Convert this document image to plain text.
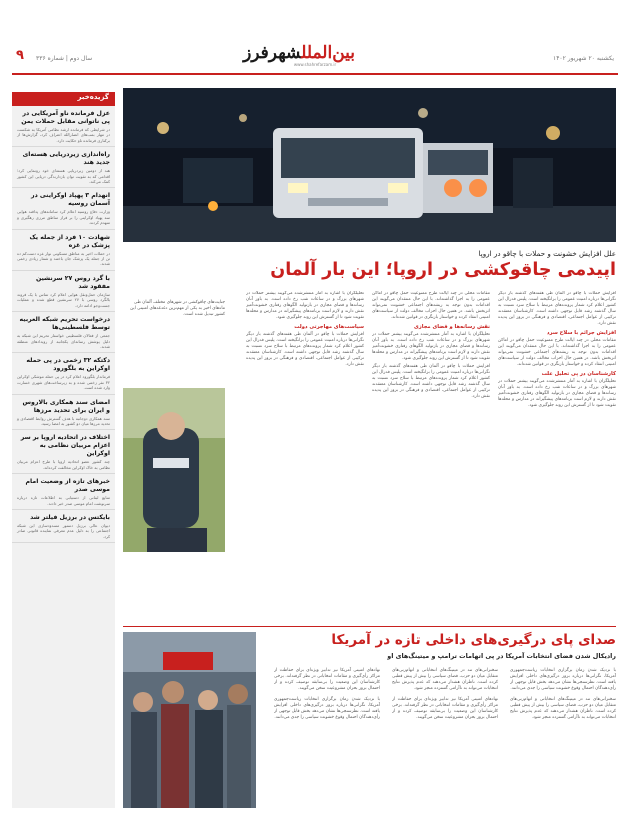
یکشنبه ۲۰ شهریور ۱۴۰۲
سال دوم | شماره ۳۳۶
۹	بین‌المللشهرفرز
www.shahrefarzam.ir
گزیده‌خبر
عزل فرمانده ناو آمریکایی در پی ناتوانی مقابل حملات یمن
در شرایطی که فرمانده ارشد نظامی آمریکا به شکست در مهار بمب‌های انصارالله اعتراف کرد، گزارش‌ها از برکناری فرمانده ناو حکایت دارد.
راه‌اندازی زیردریایی هسته‌ای جدید هند
هند از دومین زیردریایی هسته‌ای خود رونمایی کرد؛ اقدامی که به تقویت توان بازدارندگی دریایی این کشور کمک می‌کند.
انهدام ۳ پهپاد اوکراینی در آسمان روسیه
وزارت دفاع روسیه اعلام کرد سامانه‌های پدافند هوایی سه پهپاد اوکراینی را بر فراز مناطق مرزی رهگیری و منهدم کردند.
شهادت ۱۰ فرد از جمله یک پزشک در غزه
در حملات اخیر به مناطق مسکونی نوار غزه دست‌کم ده تن از جمله یک پزشک جان باختند و شمار زیادی زخمی شدند.
با گرد روس ۲۷ سرنشین مفقود شد
سازمان حمل‌ونقل هوایی اعلام کرد تماس با یک فروند بالگرد روسی با ۲۷ سرنشین قطع شده و عملیات جست‌وجو ادامه دارد.
درخواست تحریم شبکه العربیه توسط فلسطینی‌ها
جمعی از فعالان فلسطینی خواستار تحریم این شبکه به دلیل پوشش رسانه‌ای یکجانبه از رویدادهای منطقه شدند.
دکتکه ۳۲ زخمی در پی حمله اوکراین به بلگورود
فرماندار بلگورود اعلام کرد در پی حمله موشکی اوکراین ۳۲ نفر زخمی شده و به زیرساخت‌های شهری خسارت وارد شده است.
امضای سند همکاری بالاروس و ایران برای تحدید مرزها
سند همکاری دوجانبه با هدف گسترش روابط اقتصادی و تحدید مرزها میان دو کشور به امضا رسید.
اختلاف در اتحادیه اروپا بر سر اعزام مربیان نظامی به اوکراین
چند کشور عضو اتحادیه اروپا با طرح اعزام مربیان نظامی به خاک اوکراین مخالفت کرده‌اند.
خبرهای تازه از وضعیت امام موسی صدر
منابع لبنانی از دستیابی به اطلاعات تازه درباره سرنوشت امام موسی صدر خبر دادند.
بایکتس در برزیل فیلتر شد
دیوان عالی برزیل دستور مسدودسازی این شبکه اجتماعی را به دلیل عدم معرفی نماینده قانونی صادر کرد.
علل افزایش خشونت و حملات با چاقو در اروپا
اپیدمی چاقوکشی در اروپا؛ این بار آلمان

افزایش حملات با چاقو در آلمان طی هفته‌های گذشته بار دیگر نگرانی‌ها درباره امنیت عمومی را برانگیخته است. پلیس فدرال این کشور اعلام کرد شمار پرونده‌های مرتبط با سلاح سرد نسبت به سال گذشته رشد قابل توجهی داشته است. کارشناسان معتقدند ترکیبی از عوامل اجتماعی، اقتصادی و فرهنگی در بروز این پدیده نقش دارد.

افزایش جرائم با سلاح سرد

مقامات محلی در چند ایالت طرح ممنوعیت حمل چاقو در اماکن عمومی را به اجرا گذاشته‌اند. با این حال منتقدان می‌گویند این اقدامات بدون توجه به ریشه‌های اجتماعی خشونت نمی‌تواند اثربخش باشد. در همین حال احزاب مخالف دولت از سیاست‌های امنیتی انتقاد کرده و خواستار بازنگری در قوانین شده‌اند.

کارشناسان در پی تحلیل علت

تحلیلگران با اشاره به آمار منتشرشده می‌گویند بیشتر حملات در شهرهای بزرگ و در ساعات شب رخ داده است. به باور آنان رسانه‌ها و فضای مجازی در بازتولید الگوهای رفتاری خشونت‌آمیز نقش دارند و لازم است برنامه‌های پیشگیرانه در مدارس و محله‌ها تقویت شود تا از گسترش این روند جلوگیری شود.

مقامات محلی در چند ایالت طرح ممنوعیت حمل چاقو در اماکن عمومی را به اجرا گذاشته‌اند. با این حال منتقدان می‌گویند این اقدامات بدون توجه به ریشه‌های اجتماعی خشونت نمی‌تواند اثربخش باشد. در همین حال احزاب مخالف دولت از سیاست‌های امنیتی انتقاد کرده و خواستار بازنگری در قوانین شده‌اند.

نقش رسانه‌ها و فضای مجازی

تحلیلگران با اشاره به آمار منتشرشده می‌گویند بیشتر حملات در شهرهای بزرگ و در ساعات شب رخ داده است. به باور آنان رسانه‌ها و فضای مجازی در بازتولید الگوهای رفتاری خشونت‌آمیز نقش دارند و لازم است برنامه‌های پیشگیرانه در مدارس و محله‌ها تقویت شود تا از گسترش این روند جلوگیری شود.

افزایش حملات با چاقو در آلمان طی هفته‌های گذشته بار دیگر نگرانی‌ها درباره امنیت عمومی را برانگیخته است. پلیس فدرال این کشور اعلام کرد شمار پرونده‌های مرتبط با سلاح سرد نسبت به سال گذشته رشد قابل توجهی داشته است. کارشناسان معتقدند ترکیبی از عوامل اجتماعی، اقتصادی و فرهنگی در بروز این پدیده نقش دارد.

تحلیلگران با اشاره به آمار منتشرشده می‌گویند بیشتر حملات در شهرهای بزرگ و در ساعات شب رخ داده است. به باور آنان رسانه‌ها و فضای مجازی در بازتولید الگوهای رفتاری خشونت‌آمیز نقش دارند و لازم است برنامه‌های پیشگیرانه در مدارس و محله‌ها تقویت شود تا از گسترش این روند جلوگیری شود.

سیاست‌های مهاجرتی دولت

افزایش حملات با چاقو در آلمان طی هفته‌های گذشته بار دیگر نگرانی‌ها درباره امنیت عمومی را برانگیخته است. پلیس فدرال این کشور اعلام کرد شمار پرونده‌های مرتبط با سلاح سرد نسبت به سال گذشته رشد قابل توجهی داشته است. کارشناسان معتقدند ترکیبی از عوامل اجتماعی، اقتصادی و فرهنگی در بروز این پدیده نقش دارد.

جنایت‌های چاقوکشی در شهرهای مختلف آلمان طی ماه‌های اخیر به یکی از مهم‌ترین دغدغه‌های امنیتی این کشور تبدیل شده است.
صدای پای درگیری‌های داخلی تازه در آمریکا
رادیکال شدن فضای انتخابات آمریکا در پی اتهامات ترامپ و میتینگ‌های او

با نزدیک شدن زمان برگزاری انتخابات ریاست‌جمهوری آمریکا، نگرانی‌ها درباره بروز درگیری‌های داخلی افزایش یافته است. نظرسنجی‌ها نشان می‌دهد بخش قابل توجهی از رأی‌دهندگان احتمال وقوع خشونت سیاسی را جدی می‌دانند.

سخنرانی‌های تند در میتینگ‌های انتخاباتی و اتهام‌زنی‌های متقابل میان دو حزب، فضای سیاسی را بیش از پیش قطبی کرده است. ناظران هشدار می‌دهند که عدم پذیرش نتایج انتخابات می‌تواند به ناآرامی گسترده منجر شود.

سخنرانی‌های تند در میتینگ‌های انتخاباتی و اتهام‌زنی‌های متقابل میان دو حزب، فضای سیاسی را بیش از پیش قطبی کرده است. ناظران هشدار می‌دهند که عدم پذیرش نتایج انتخابات می‌تواند به ناآرامی گسترده منجر شود.

نهادهای امنیتی آمریکا نیز تدابیر ویژه‌ای برای حفاظت از مراکز رأی‌گیری و مقامات انتخاباتی در نظر گرفته‌اند. برخی کارشناسان این وضعیت را بی‌سابقه توصیف کرده و از احتمال بروز بحران مشروعیت سخن می‌گویند.

نهادهای امنیتی آمریکا نیز تدابیر ویژه‌ای برای حفاظت از مراکز رأی‌گیری و مقامات انتخاباتی در نظر گرفته‌اند. برخی کارشناسان این وضعیت را بی‌سابقه توصیف کرده و از احتمال بروز بحران مشروعیت سخن می‌گویند.

با نزدیک شدن زمان برگزاری انتخابات ریاست‌جمهوری آمریکا، نگرانی‌ها درباره بروز درگیری‌های داخلی افزایش یافته است. نظرسنجی‌ها نشان می‌دهد بخش قابل توجهی از رأی‌دهندگان احتمال وقوع خشونت سیاسی را جدی می‌دانند.
